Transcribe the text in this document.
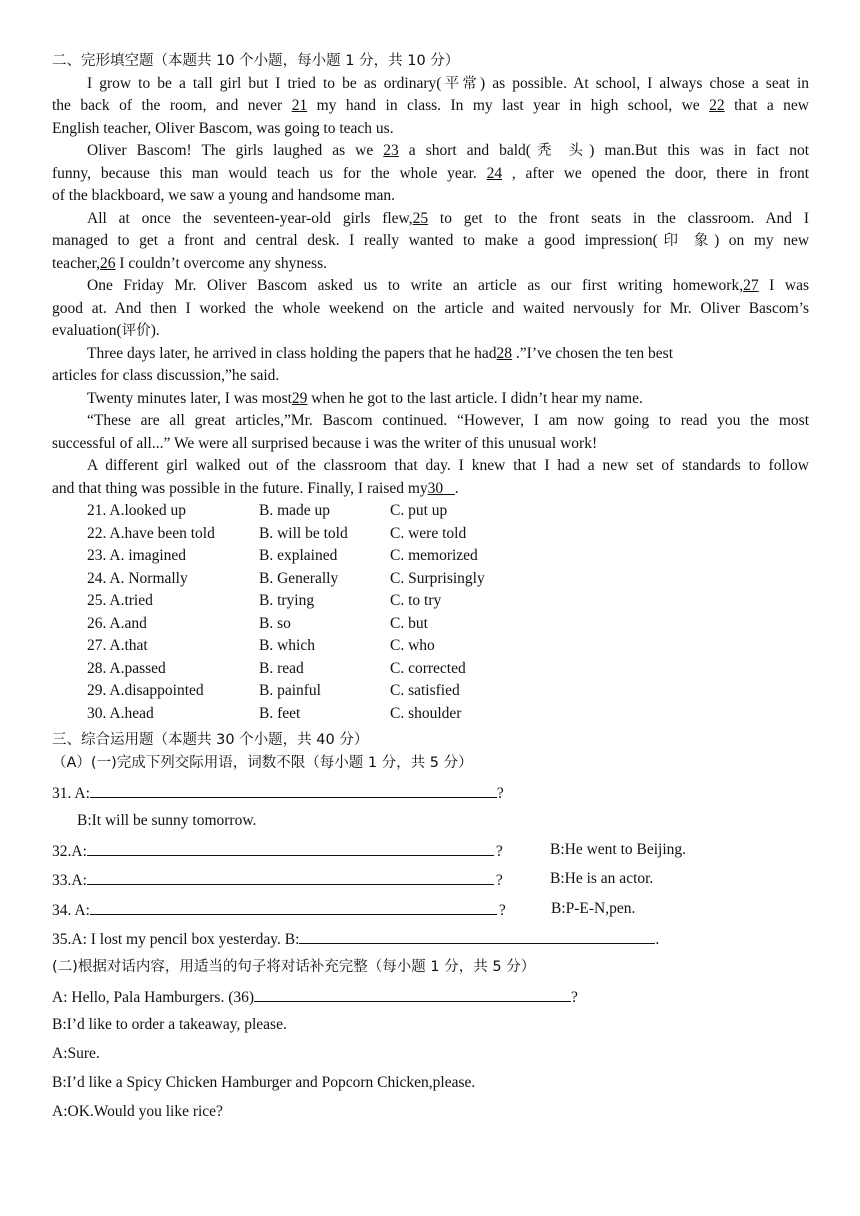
二、完形填空题（本题共 10 个小题，每小题 1 分，共 10 分）
I grow to be a tall girl but I tried to be as ordinary(平常) as possible. At school, I always chose a seat in
the back of the room, and never 21 my hand in class. In my last year in high school, we 22 that a new
English teacher, Oliver Bascom, was going to teach us.
Oliver Bascom! The girls laughed as we 23 a short and bald(秃 头) man.But this was in fact not
funny, because this man would teach us for the whole year. 24 , after we opened the door, there in front
of the blackboard, we saw a young and handsome man.
All at once the seventeen-year-old girls flew,25 to get to the front seats in the classroom. And I
managed to get a front and central desk. I really wanted to make a good impression(印 象) on my new
teacher,26 I couldn’t overcome any shyness.
One Friday Mr. Oliver Bascom asked us to write an article as our first writing homework,27 I was
good at. And then I worked the whole weekend on the article and waited nervously for Mr. Oliver Bascom’s
evaluation(评价).
Three days later, he arrived in class holding the papers that he had28 .”I’ve chosen the ten best
articles for class discussion,”he said.
Twenty minutes later, I was most29 when he got to the last article. I didn’t hear my name.
“These are all great articles,”Mr. Bascom continued. “However, I am now going to read you the most
successful of all...” We were all surprised because i was the writer of this unusual work!
A different girl walked out of the classroom that day. I knew that I had a new set of standards to follow
and that thing was possible in the future. Finally, I raised my30 _.
21. A.looked up	B. made up	C. put up
22. A.have been told	B. will be told	C. were told
23. A. imagined	B. explained	C. memorized
24. A. Normally	B. Generally	C. Surprisingly
25. A.tried	B. trying	C. to try
26. A.and	B. so	C. but
27. A.that	B. which	C. who
28. A.passed	B. read	C. corrected
29. A.disappointed	B. painful	C. satisfied
30. A.head	B. feet	C. shoulder
三、综合运用题（本题共 30 个小题，共 40 分）
（A）(一)完成下列交际用语，词数不限（每小题 1 分，共 5 分）
31. A:	?
B:It will be sunny tomorrow.
32.A:	?	B:He went to Beijing.
33.A:	?	B:He is an actor.
34. A:	?	B:P-E-N,pen.
35.A: I lost my pencil box yesterday. B:	.
(二)根据对话内容，用适当的句子将对话补充完整（每小题 1 分，共 5 分）
A: Hello, Pala Hamburgers. (36)	?
B:I’d like to order a takeaway, please.
A:Sure.
B:I’d like a Spicy Chicken Hamburger and Popcorn Chicken,please.
A:OK.Would you like rice?
